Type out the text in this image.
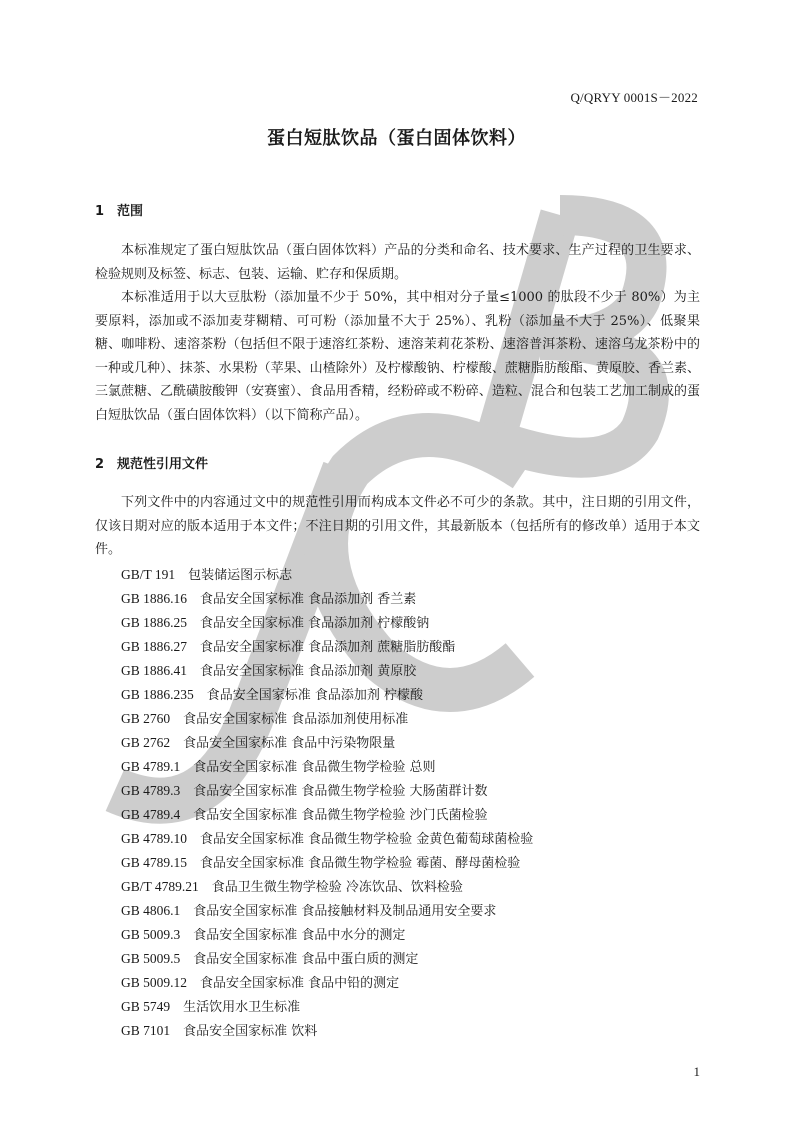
Q/QRYY 0001S－2022
蛋白短肽饮品（蛋白固体饮料）
1 范围

本标准规定了蛋白短肽饮品（蛋白固体饮料）产品的分类和命名、技术要求、生产过程的卫生要求、检验规则及标签、标志、包装、运输、贮存和保质期。

本标准适用于以大豆肽粉（添加量不少于 50%，其中相对分子量≤1000 的肽段不少于 80%）为主要原料，添加或不添加麦芽糊精、可可粉（添加量不大于 25%）、乳粉（添加量不大于 25%）、低聚果糖、咖啡粉、速溶茶粉（包括但不限于速溶红茶粉、速溶茉莉花茶粉、速溶普洱茶粉、速溶乌龙茶粉中的一种或几种）、抹茶、水果粉（苹果、山楂除外）及柠檬酸钠、柠檬酸、蔗糖脂肪酸酯、黄原胶、香兰素、三氯蔗糖、乙酰磺胺酸钾（安赛蜜）、食品用香精，经粉碎或不粉碎、造粒、混合和包装工艺加工制成的蛋白短肽饮品（蛋白固体饮料）（以下简称产品）。

2 规范性引用文件

下列文件中的内容通过文中的规范性引用而构成本文件必不可少的条款。其中，注日期的引用文件，仅该日期对应的版本适用于本文件；不注日期的引用文件，其最新版本（包括所有的修改单）适用于本文件。

GB/T 191 包装储运图示标志
GB 1886.16 食品安全国家标准 食品添加剂 香兰素
GB 1886.25 食品安全国家标准 食品添加剂 柠檬酸钠
GB 1886.27 食品安全国家标准 食品添加剂 蔗糖脂肪酸酯
GB 1886.41 食品安全国家标准 食品添加剂 黄原胶
GB 1886.235 食品安全国家标准 食品添加剂 柠檬酸
GB 2760 食品安全国家标准 食品添加剂使用标准
GB 2762 食品安全国家标准 食品中污染物限量
GB 4789.1 食品安全国家标准 食品微生物学检验 总则
GB 4789.3 食品安全国家标准 食品微生物学检验 大肠菌群计数
GB 4789.4 食品安全国家标准 食品微生物学检验 沙门氏菌检验
GB 4789.10 食品安全国家标准 食品微生物学检验 金黄色葡萄球菌检验
GB 4789.15 食品安全国家标准 食品微生物学检验 霉菌、酵母菌检验
GB/T 4789.21 食品卫生微生物学检验 冷冻饮品、饮料检验
GB 4806.1 食品安全国家标准 食品接触材料及制品通用安全要求
GB 5009.3 食品安全国家标准 食品中水分的测定
GB 5009.5 食品安全国家标准 食品中蛋白质的测定
GB 5009.12 食品安全国家标准 食品中铅的测定
GB 5749 生活饮用水卫生标准
GB 7101 食品安全国家标准 饮料
1
